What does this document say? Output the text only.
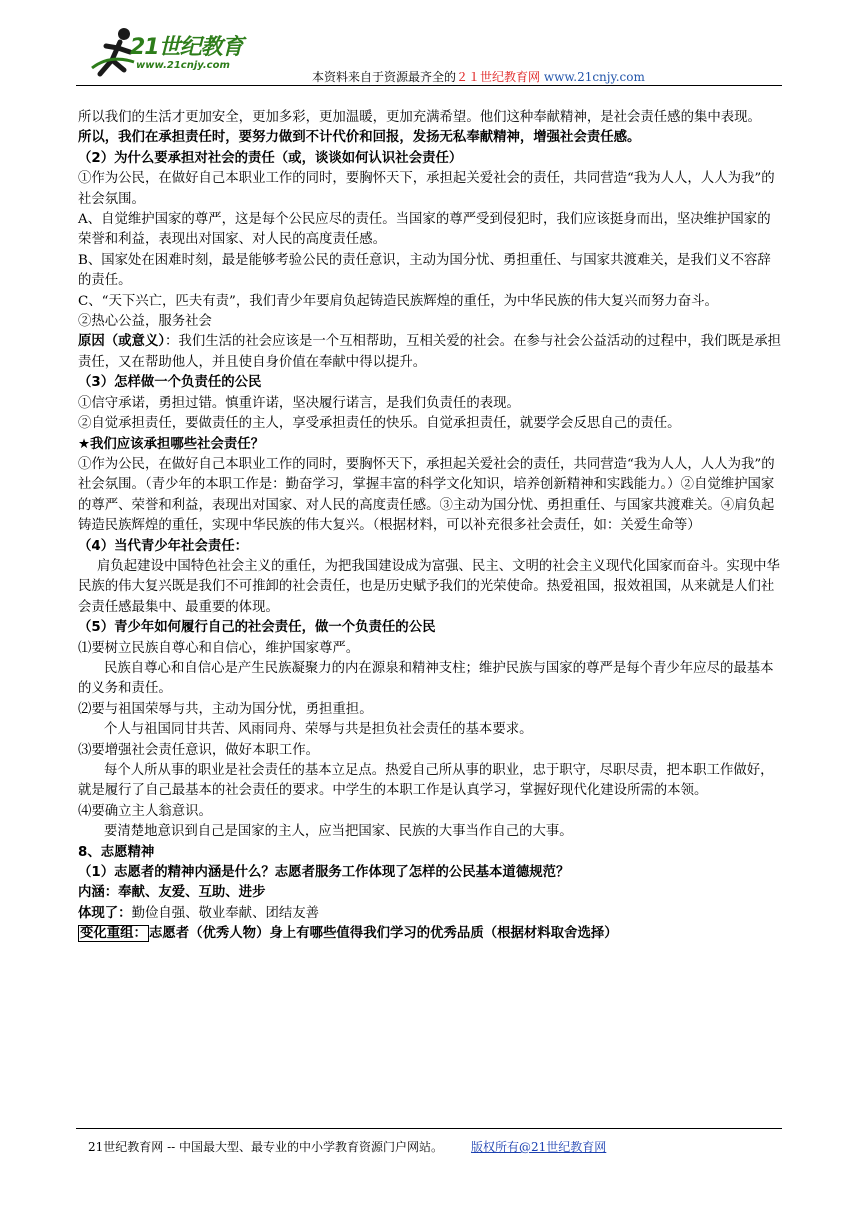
21世纪教育
www.21cnjy.com
本资料来自于资源最齐全的２１世纪教育网 www.21cnjy.com

所以我们的生活才更加安全，更加多彩，更加温暖，更加充满希望。他们这种奉献精神，是社会责任感的集中表现。

所以，我们在承担责任时，要努力做到不计代价和回报，发扬无私奉献精神，增强社会责任感。

（2）为什么要承担对社会的责任（或，谈谈如何认识社会责任）

①作为公民，在做好自己本职业工作的同时，要胸怀天下，承担起关爱社会的责任，共同营造“我为人人，人人为我”的社会氛围。

A、自觉维护国家的尊严，这是每个公民应尽的责任。当国家的尊严受到侵犯时，我们应该挺身而出，坚决维护国家的荣誉和利益，表现出对国家、对人民的高度责任感。

B、国家处在困难时刻，最是能够考验公民的责任意识，主动为国分忧、勇担重任、与国家共渡难关，是我们义不容辞的责任。

C、“天下兴亡，匹夫有责”，我们青少年要肩负起铸造民族辉煌的重任，为中华民族的伟大复兴而努力奋斗。

②热心公益，服务社会

原因（或意义）：我们生活的社会应该是一个互相帮助，互相关爱的社会。在参与社会公益活动的过程中，我们既是承担责任，又在帮助他人，并且使自身价值在奉献中得以提升。

（3）怎样做一个负责任的公民

①信守承诺，勇担过错。慎重许诺，坚决履行诺言，是我们负责任的表现。

②自觉承担责任，要做责任的主人，享受承担责任的快乐。自觉承担责任，就要学会反思自己的责任。

★我们应该承担哪些社会责任？

①作为公民，在做好自己本职业工作的同时，要胸怀天下，承担起关爱社会的责任，共同营造“我为人人，人人为我”的社会氛围。（青少年的本职工作是：勤奋学习，掌握丰富的科学文化知识，培养创新精神和实践能力。）②自觉维护国家的尊严、荣誉和利益，表现出对国家、对人民的高度责任感。③主动为国分忧、勇担重任、与国家共渡难关。④肩负起铸造民族辉煌的重任，实现中华民族的伟大复兴。（根据材料，可以补充很多社会责任，如：关爱生命等）

（4）当代青少年社会责任：

肩负起建设中国特色社会主义的重任，为把我国建设成为富强、民主、文明的社会主义现代化国家而奋斗。实现中华民族的伟大复兴既是我们不可推卸的社会责任，也是历史赋予我们的光荣使命。热爱祖国，报效祖国，从来就是人们社会责任感最集中、最重要的体现。

（5）青少年如何履行自己的社会责任，做一个负责任的公民

⑴要树立民族自尊心和自信心，维护国家尊严。

民族自尊心和自信心是产生民族凝聚力的内在源泉和精神支柱；维护民族与国家的尊严是每个青少年应尽的最基本的义务和责任。

⑵要与祖国荣辱与共，主动为国分忧，勇担重担。

个人与祖国同甘共苦、风雨同舟、荣辱与共是担负社会责任的基本要求。

⑶要增强社会责任意识，做好本职工作。

每个人所从事的职业是社会责任的基本立足点。热爱自己所从事的职业，忠于职守，尽职尽责，把本职工作做好，就是履行了自己最基本的社会责任的要求。中学生的本职工作是认真学习，掌握好现代化建设所需的本领。

⑷要确立主人翁意识。

要清楚地意识到自己是国家的主人，应当把国家、民族的大事当作自己的大事。

8、志愿精神

（1）志愿者的精神内涵是什么？志愿者服务工作体现了怎样的公民基本道德规范？

内涵：奉献、友爱、互助、进步

体现了：勤俭自强、敬业奉献、团结友善

变化重组： 志愿者（优秀人物）身上有哪些值得我们学习的优秀品质（根据材料取舍选择）

21世纪教育网 -- 中国最大型、最专业的中小学教育资源门户网站。 版权所有@21世纪教育网
